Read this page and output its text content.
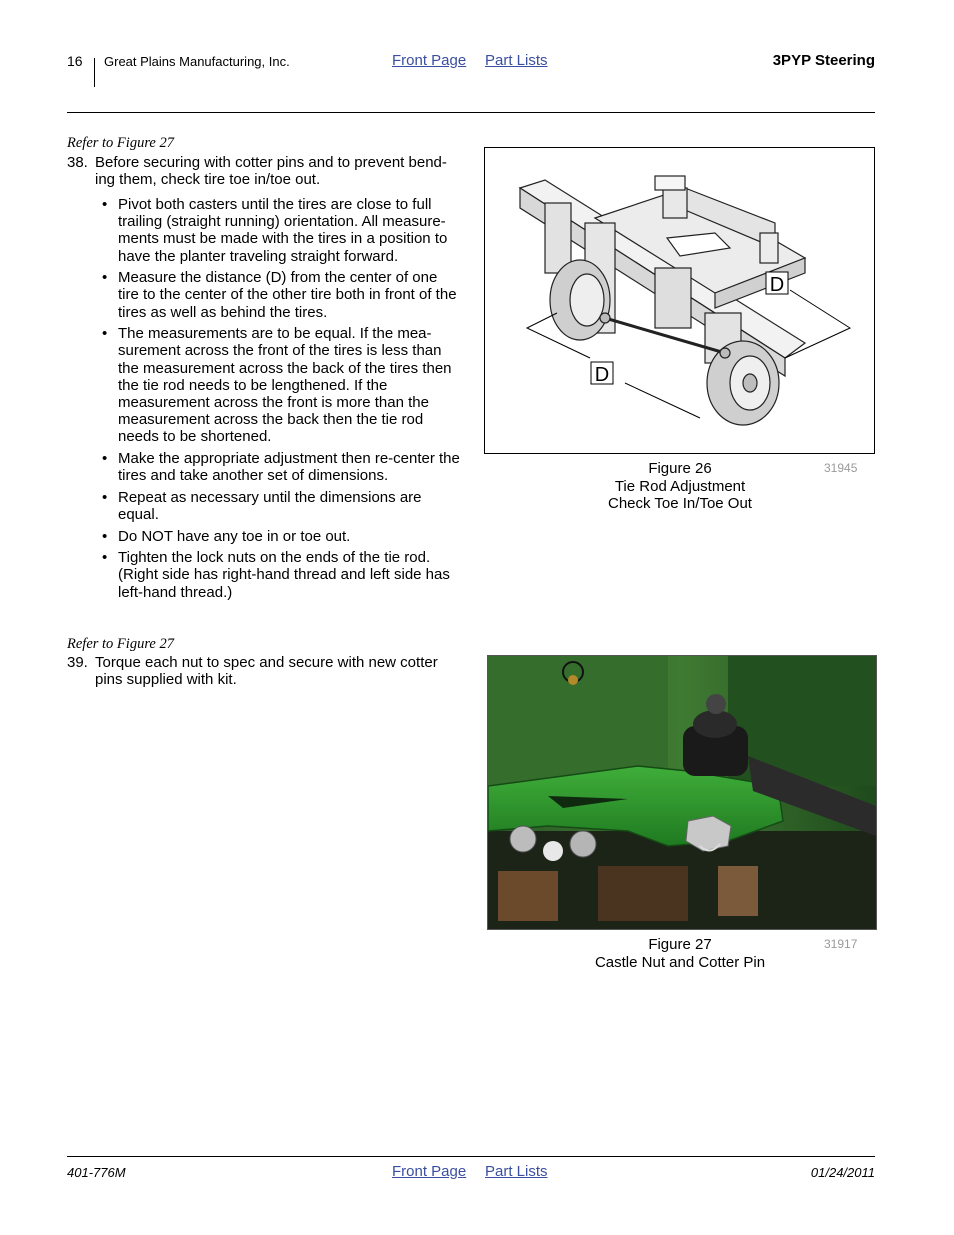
16 Great Plains Manufacturing, Inc.	Front Page Part Lists	3PYP Steering
Refer to Figure 27
38. Before securing with cotter pins and to prevent bend-ing them, check tire toe in/toe out.
• Pivot both casters until the tires are close to full trailing (straight running) orientation. All measure-ments must be made with the tires in a position to have the planter traveling straight forward.
• Measure the distance (D) from the center of one tire to the center of the other tire both in front of the tires as well as behind the tires.
• The measurements are to be equal. If the mea-surement across the front of the tires is less than the measurement across the back of the tires then the tie rod needs to be lengthened. If the measurement across the front is more than the measurement across the back then the tie rod needs to be shortened.
• Make the appropriate adjustment then re-center the tires and take another set of dimensions.
• Repeat as necessary until the dimensions are equal.
• Do NOT have any toe in or toe out.
• Tighten the lock nuts on the ends of the tie rod. (Right side has right-hand thread and left side has left-hand thread.)
D
D
Figure 26
Tie Rod Adjustment
Check Toe In/Toe Out
31945
Refer to Figure 27
39. Torque each nut to spec and secure with new cotter pins supplied with kit.
Figure 27
Castle Nut and Cotter Pin
31917
401-776M	Front Page Part Lists	01/24/2011
